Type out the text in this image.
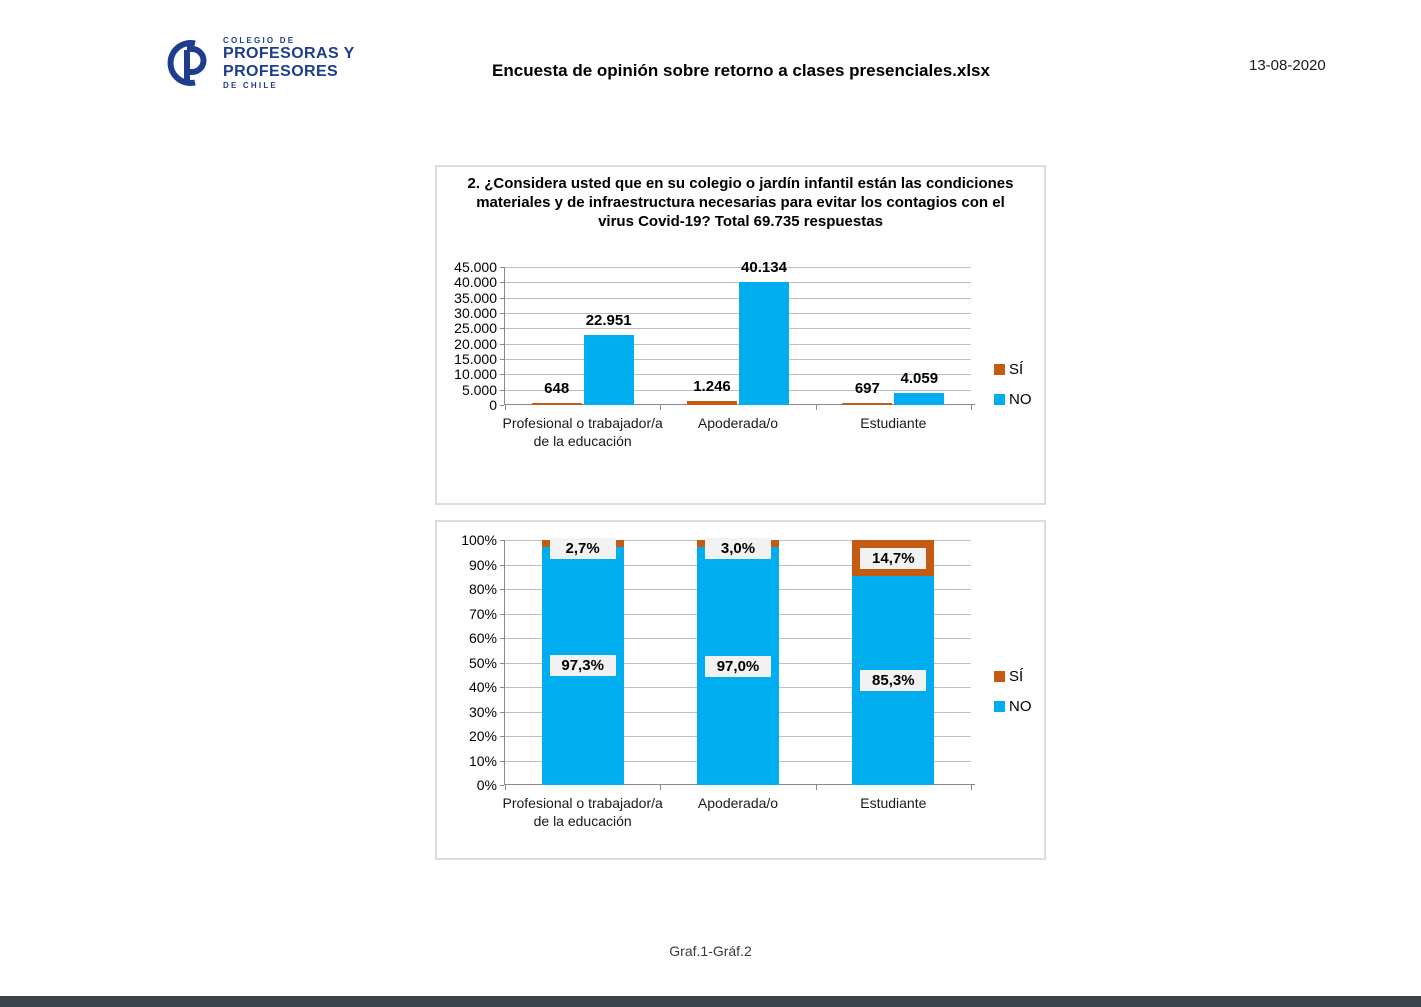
COLEGIO DE
PROFESORAS Y
PROFESORES
DE CHILE
Encuesta de opinión sobre retorno a clases presenciales.xlsx	13-08-2020
2. ¿Considera usted que en su colegio o jardín infantil están las condiciones materiales y de infraestructura necesarias para evitar los contagios con el virus Covid-19? Total 69.735 respuestas
648
22.951
1.246
40.134
697
4.059
0
5.000
10.000
15.000
20.000
25.000
30.000
35.000
40.000
45.000
Profesional o trabajador/a de la educación
Apoderada/o	Estudiante
SÍ
NO
97,3%
2,7%
97,0%
3,0%
85,3%
14,7%
0%
10%
20%
30%
40%
50%
60%
70%
80%
90%
100%
Profesional o trabajador/a de la educación
Apoderada/o	Estudiante
SÍ
NO
Graf.1-Gráf.2
